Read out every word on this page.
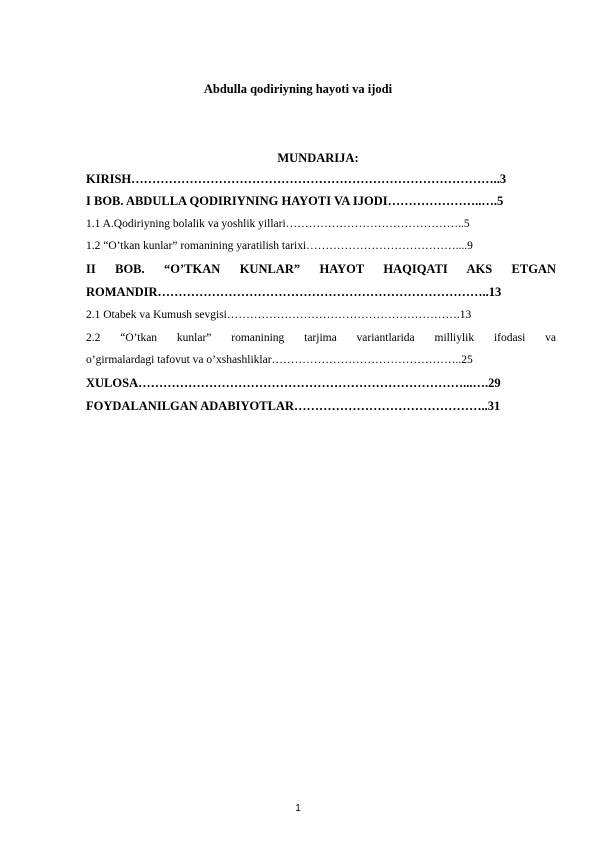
Abdulla qodiriyning hayoti va ijodi
MUNDARIJA:
KIRISH……………………………………………………………………………..3
I BOB. ABDULLA QODIRIYNING HAYOTI VA IJODI…………………..….5
1.1 A.Qodiriyning bolalik va yoshlik yillari………………………………………..5
1.2 “O’tkan kunlar” romanining yaratilish tarixi…………………………………....9
II BOB. “O’TKAN KUNLAR” HAYOT HAQIQATI AKS ETGAN
ROMANDIR……………………………………………………………………..13
2.1 Otabek va Kumush sevgisi…………………………………………………….13
2.2 “O’tkan kunlar” romanining tarjima variantlarida milliylik ifodasi va
o’girmalardagi tafovut va o’xshashliklar…………………………………………..25
XULOSA……………………………………………………………………...….29
FOYDALANILGAN ADABIYOTLAR………………………………………..31
1
